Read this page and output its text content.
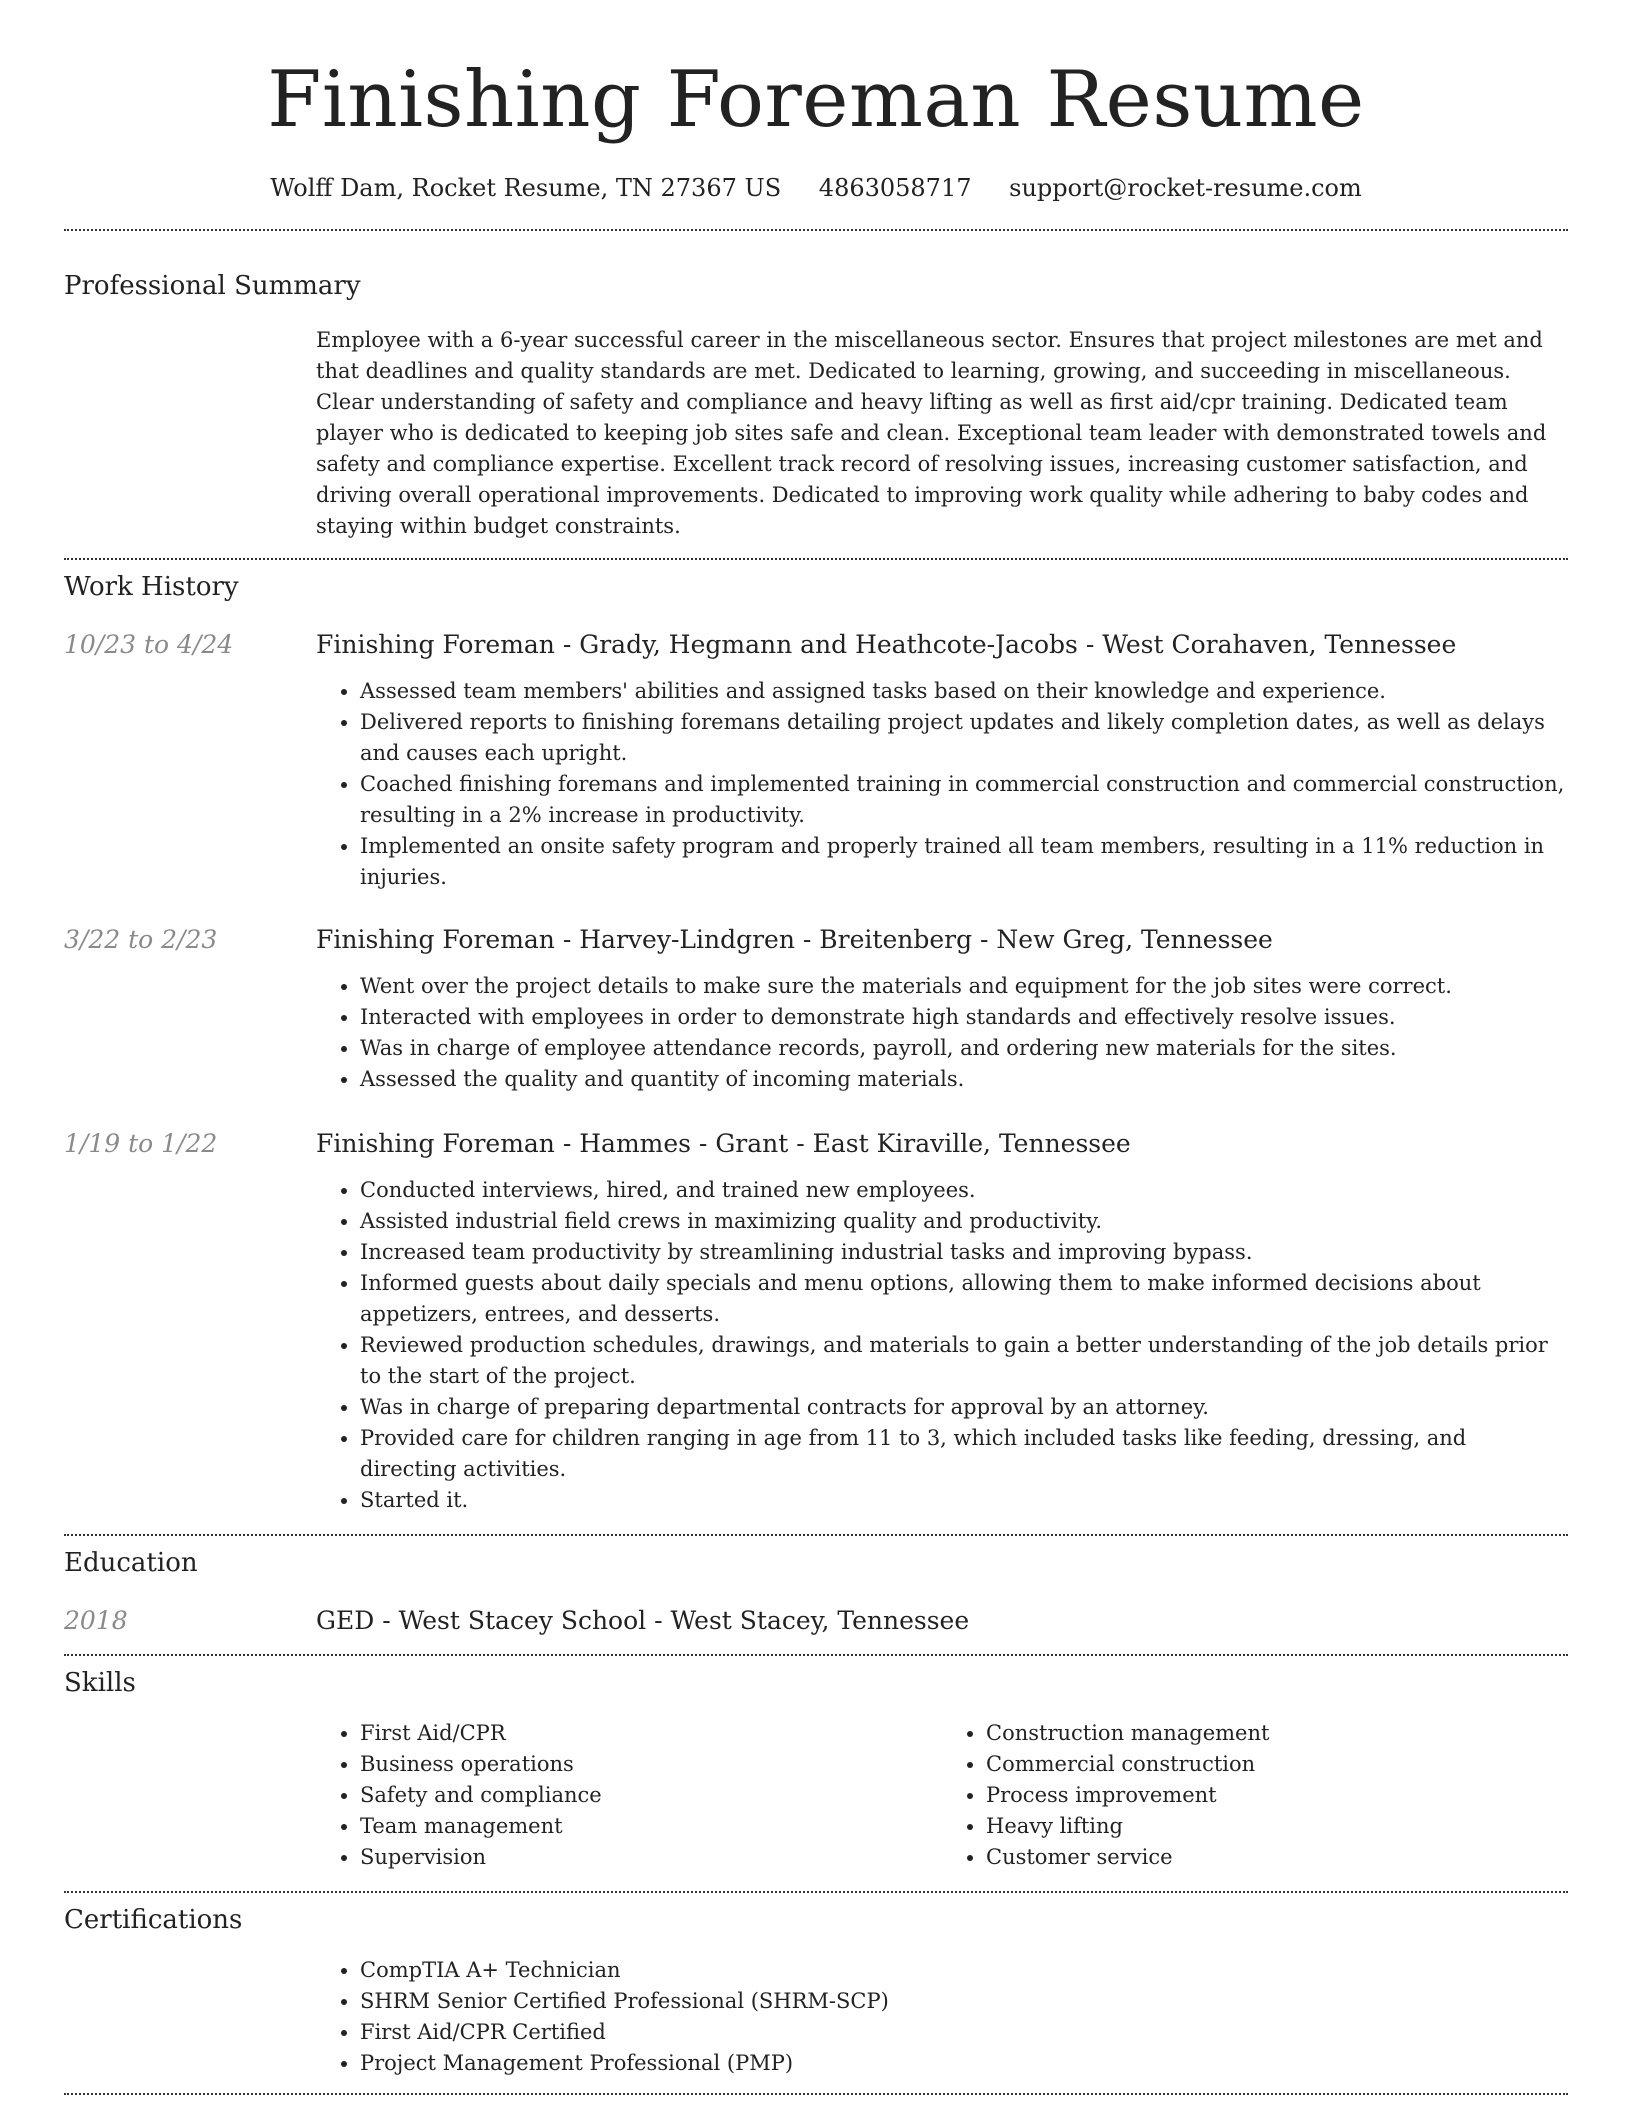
Finishing Foreman Resume
Wolff Dam, Rocket Resume, TN 27367 US 4863058717 support@rocket-resume.com
Professional Summary

Employee with a 6-year successful career in the miscellaneous sector. Ensures that project milestones are met and that deadlines and quality standards are met. Dedicated to learning, growing, and succeeding in miscellaneous. Clear understanding of safety and compliance and heavy lifting as well as first aid/cpr training. Dedicated team player who is dedicated to keeping job sites safe and clean. Exceptional team leader with demonstrated towels and safety and compliance expertise. Excellent track record of resolving issues, increasing customer satisfaction, and driving overall operational improvements. Dedicated to improving work quality while adhering to baby codes and staying within budget constraints.

Work History
10/23 to 4/24	Finishing Foreman - Grady, Hegmann and Heathcote-Jacobs - West Corahaven, Tennessee
• Assessed team members' abilities and assigned tasks based on their knowledge and experience.
• Delivered reports to finishing foremans detailing project updates and likely completion dates, as well as delays and causes each upright.
• Coached finishing foremans and implemented training in commercial construction and commercial construction, resulting in a 2% increase in productivity.
• Implemented an onsite safety program and properly trained all team members, resulting in a 11% reduction in injuries.
3/22 to 2/23	Finishing Foreman - Harvey-Lindgren - Breitenberg - New Greg, Tennessee
• Went over the project details to make sure the materials and equipment for the job sites were correct.
• Interacted with employees in order to demonstrate high standards and effectively resolve issues.
• Was in charge of employee attendance records, payroll, and ordering new materials for the sites.
• Assessed the quality and quantity of incoming materials.
1/19 to 1/22	Finishing Foreman - Hammes - Grant - East Kiraville, Tennessee
• Conducted interviews, hired, and trained new employees.
• Assisted industrial field crews in maximizing quality and productivity.
• Increased team productivity by streamlining industrial tasks and improving bypass.
• Informed guests about daily specials and menu options, allowing them to make informed decisions about appetizers, entrees, and desserts.
• Reviewed production schedules, drawings, and materials to gain a better understanding of the job details prior to the start of the project.
• Was in charge of preparing departmental contracts for approval by an attorney.
• Provided care for children ranging in age from 11 to 3, which included tasks like feeding, dressing, and directing activities.
• Started it.
Education
2018	GED - West Stacey School - West Stacey, Tennessee
Skills
• First Aid/CPR
• Business operations
• Safety and compliance
• Team management
• Supervision
• Construction management
• Commercial construction
• Process improvement
• Heavy lifting
• Customer service
Certifications
• CompTIA A+ Technician
• SHRM Senior Certified Professional (SHRM-SCP)
• First Aid/CPR Certified
• Project Management Professional (PMP)
